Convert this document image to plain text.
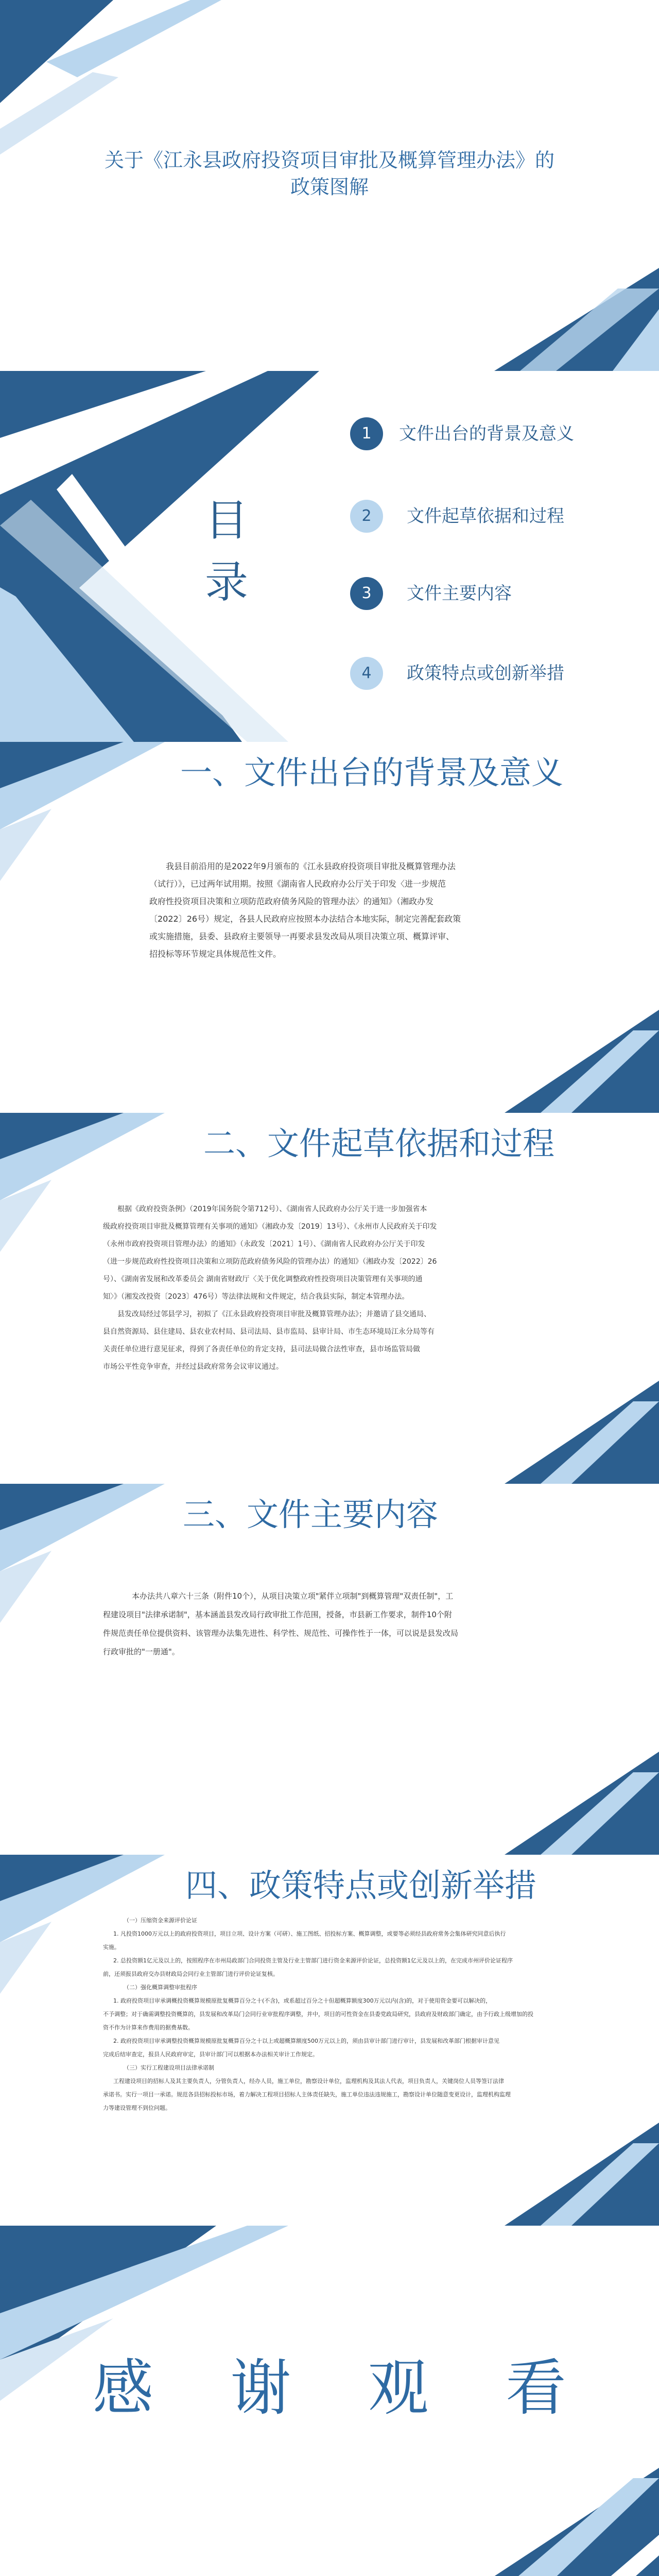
关于《江永县政府投资项目审批及概算管理办法》的
政策图解
目
录
1	文件出台的背景及意义
2	文件起草依据和过程
3	文件主要内容
4	政策特点或创新举措
一、文件出台的背景及意义
我县目前沿用的是2022年9月颁布的《江永县政府投资项目审批及概算管理办法
（试行）》，已过两年试用期。按照《湖南省人民政府办公厅关于印发〈进一步规范
政府性投资项目决策和立项防范政府债务风险的管理办法〉的通知》（湘政办发
〔2022〕26号）规定，各县人民政府应按照本办法结合本地实际，制定完善配套政策
或实施措施，县委、县政府主要领导一再要求县发改局从项目决策立项、概算评审、
招投标等环节规定具体规范性文件。
二、文件起草依据和过程
根据《政府投资条例》（2019年国务院令第712号）、《湖南省人民政府办公厅关于进一步加强省本
级政府投资项目审批及概算管理有关事项的通知》（湘政办发〔2019〕13号）、《永州市人民政府关于印发
（永州市政府投资项目管理办法）的通知》（永政发〔2021〕1号）、《湖南省人民政府办公厅关于印发
（进一步规范政府性投资项目决策和立项防范政府债务风险的管理办法）的通知》（湘政办发〔2022〕26
号）、《湖南省发展和改革委员会 湖南省财政厅〈关于优化调整政府性投资项目决策管理有关事项的通
知〉》（湘发改投资〔2023〕476号）等法律法规和文件规定，结合我县实际，制定本管理办法。
县发改局经过邻县学习，初拟了《江永县政府投资项目审批及概算管理办法》；并邀请了县交通局、
县自然资源局、县住建局、县农业农村局、县司法局、县市监局、县审计局、市生态环境局江永分局等有
关责任单位进行意见征求，得到了各责任单位的肯定支持，县司法局做合法性审查，县市场监管局做
市场公平性竞争审查，并经过县政府常务会议审议通过。
三、文件主要内容
本办法共八章六十三条（附件10个），从项目决策立项"紧伴立项制"到概算管理"双责任制"，工
程建设项目"法律承诺制"，基本涵盖县发改局行政审批工作范围，授备，市县新工作要求，制件10个附
件规范责任单位提供资料、该管理办法集先进性、科学性、规范性、可操作性于一体，可以说是县发改局
行政审批的"一册通"。
四、政策特点或创新举措
（一）压缩资金来源评价论证
1. 凡投资1000万元以上的政府投资项目，项目立项、设计方案（可研）、施工图纸、招投标方案、概算调整，或要等必须经县政府常务会集体研究同意后执行
实施。
2. 总投资额1亿元及以上的，按照程序在市州局政部门合同投资主管及行业主管部门进行资金来源评价论证，总投资额1亿元及以上的，在完成市州评价论证程序
前，还须报县政府交办县财政局会同行业主管部门进行评价论证复核。
（二）强化概算调整审批程序
1. 政府投资项目审承调概投资概算规模原批复概算百分之十(不含)，或系超过百分之十但超概算额度300万元以内(含)的，对于使用资金要可以解决的，
不予调整；对于确需调整投资概算的，县发展和改革局门会同行业审批程序调整，并中，项目的可性资金在县委党政局研究，县政府及财政部门确定，由予行政上级增加的投
资不作为计算来作费用的据费基数。
2. 政府投资项目审承调整投资概算规模原批复概算百分之十以上或超概算额度500万元以上的，须由县审计部门进行审计，县发展和改革部门根据审计意见
完成后结审查定，报县人民政府审定，县审计部门可以根据本办法相关审计工作规定。
（三）实行工程建设项目法律承诺制
工程建设项目的招标人及其主要负责人，分管负责人，经办人员，施工单位，勘察设计单位，监理机构及其法人代表，项目负责人，关键岗位人员等签订法律
承诺书。实行一项目一承诺。规范各县招标投标市场，着力解决工程项目招标人主体责任缺失，施工单位违法违规施工，勘察设计单位随意变更设计，监理机构监理
力等建设管理不到位问题。
感 谢 观 看
